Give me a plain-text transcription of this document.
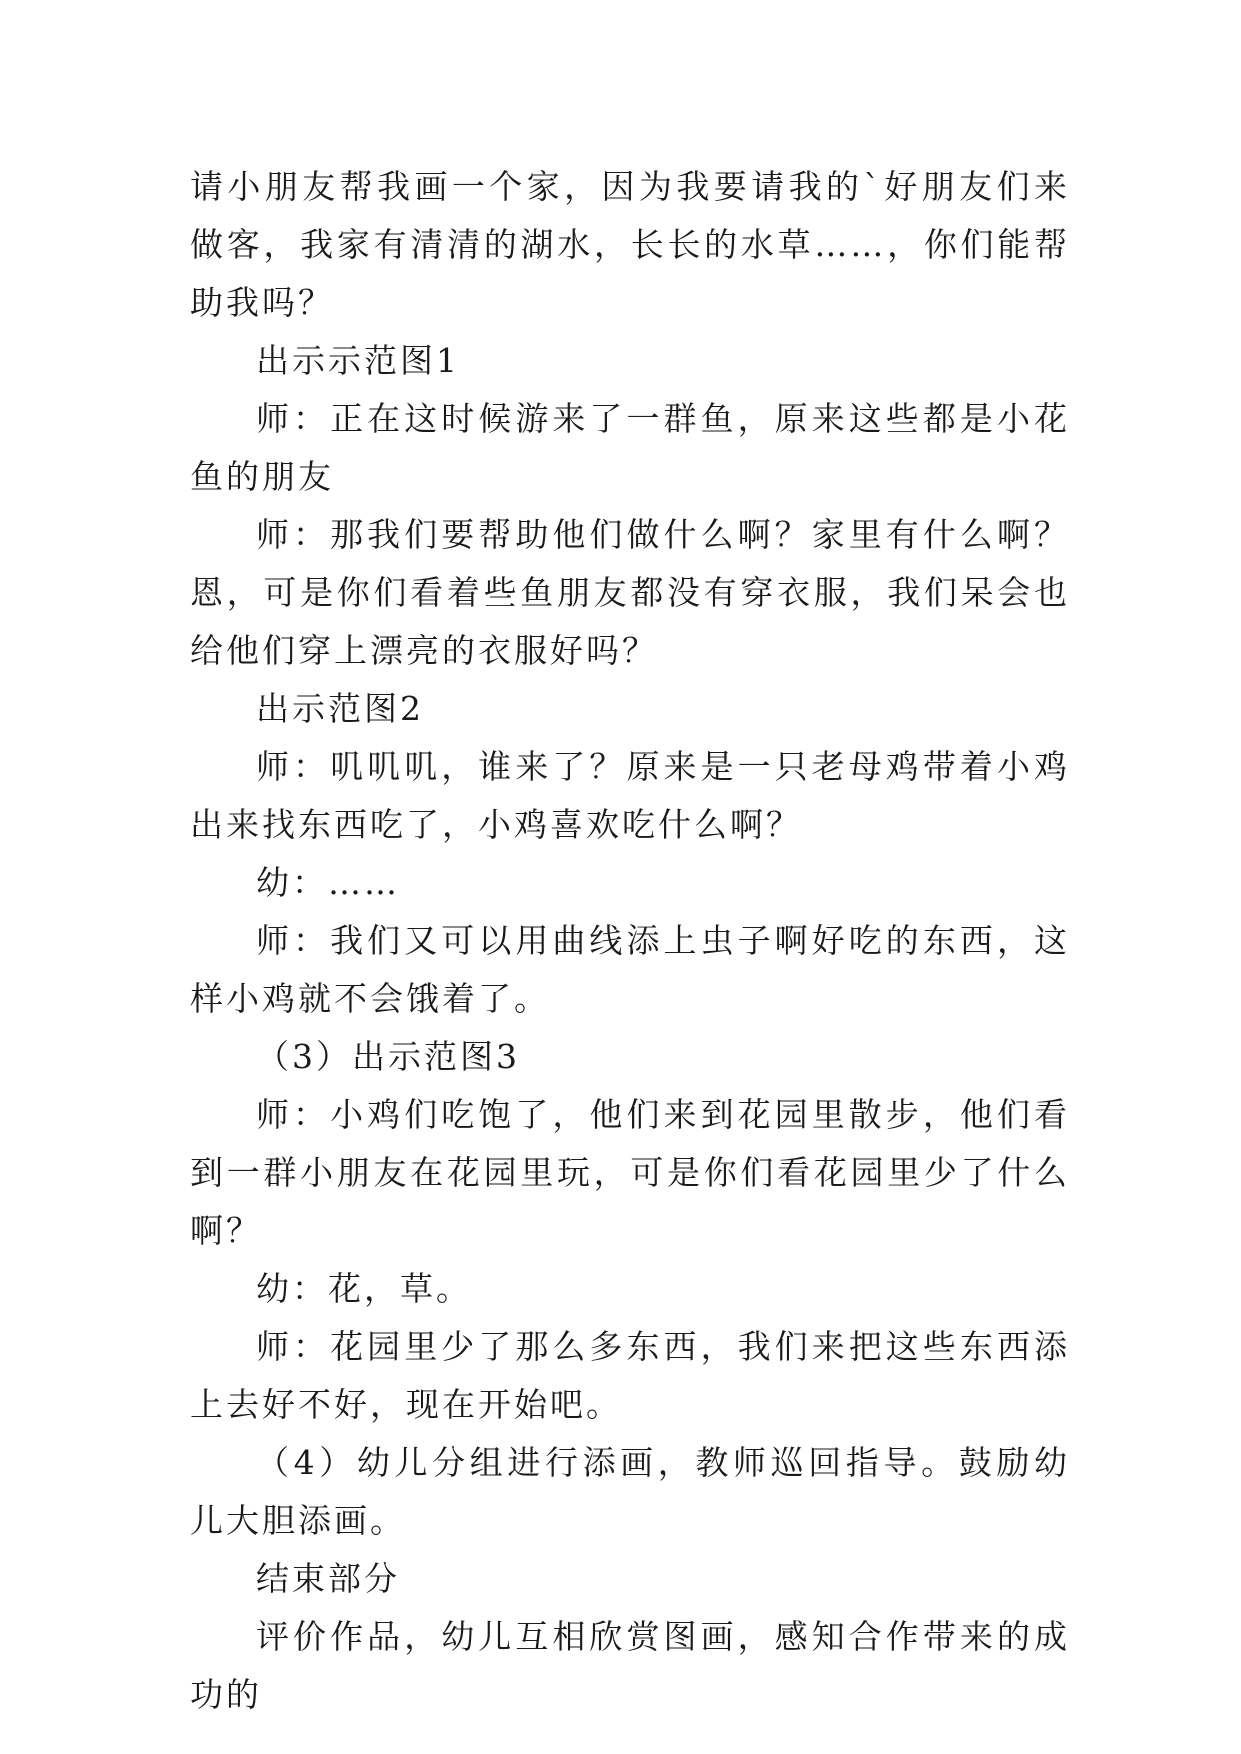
请小朋友帮我画一个家，因为我要请我的`好朋友们来做客，我家有清清的湖水，长长的水草……，你们能帮助我吗？

出示示范图1

师：正在这时候游来了一群鱼，原来这些都是小花鱼的朋友

师：那我们要帮助他们做什么啊？家里有什么啊？恩，可是你们看着些鱼朋友都没有穿衣服，我们呆会也给他们穿上漂亮的衣服好吗？

出示范图2

师：叽叽叽，谁来了？原来是一只老母鸡带着小鸡出来找东西吃了，小鸡喜欢吃什么啊？

幼：……

师：我们又可以用曲线添上虫子啊好吃的东西，这样小鸡就不会饿着了。

（3）出示范图3

师：小鸡们吃饱了，他们来到花园里散步，他们看到一群小朋友在花园里玩，可是你们看花园里少了什么啊？

幼：花，草。

师：花园里少了那么多东西，我们来把这些东西添上去好不好，现在开始吧。

（4）幼儿分组进行添画，教师巡回指导。鼓励幼儿大胆添画。

结束部分

评价作品，幼儿互相欣赏图画，感知合作带来的成功的
